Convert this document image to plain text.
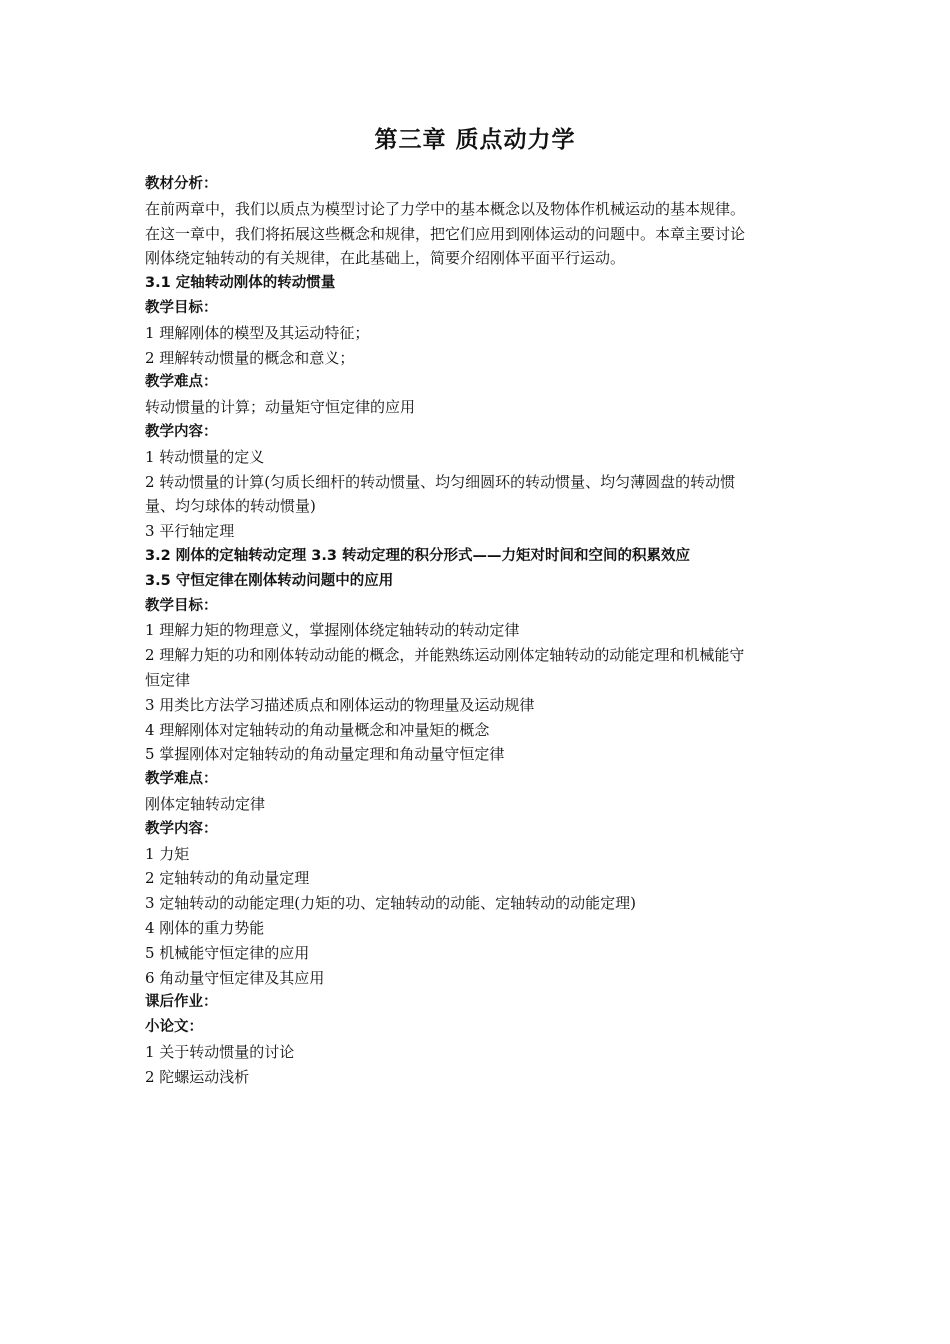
第三章 质点动力学
教材分析：
在前两章中，我们以质点为模型讨论了力学中的基本概念以及物体作机械运动的基本规律。
在这一章中，我们将拓展这些概念和规律，把它们应用到刚体运动的问题中。本章主要讨论
刚体绕定轴转动的有关规律，在此基础上，简要介绍刚体平面平行运动。
3.1 定轴转动刚体的转动惯量
教学目标：
1 理解刚体的模型及其运动特征；
2 理解转动惯量的概念和意义；
教学难点：
转动惯量的计算；动量矩守恒定律的应用
教学内容：
1 转动惯量的定义
2 转动惯量的计算(匀质长细杆的转动惯量、均匀细圆环的转动惯量、均匀薄圆盘的转动惯
量、均匀球体的转动惯量)
3 平行轴定理
3.2 刚体的定轴转动定理 3.3 转动定理的积分形式——力矩对时间和空间的积累效应
3.5 守恒定律在刚体转动问题中的应用
教学目标：
1 理解力矩的物理意义，掌握刚体绕定轴转动的转动定律
2 理解力矩的功和刚体转动动能的概念，并能熟练运动刚体定轴转动的动能定理和机械能守
恒定律
3 用类比方法学习描述质点和刚体运动的物理量及运动规律
4 理解刚体对定轴转动的角动量概念和冲量矩的概念
5 掌握刚体对定轴转动的角动量定理和角动量守恒定律
教学难点：
刚体定轴转动定律
教学内容：
1 力矩
2 定轴转动的角动量定理
3 定轴转动的动能定理(力矩的功、定轴转动的动能、定轴转动的动能定理)
4 刚体的重力势能
5 机械能守恒定律的应用
6 角动量守恒定律及其应用
课后作业：
小论文：
1 关于转动惯量的讨论
2 陀螺运动浅析
